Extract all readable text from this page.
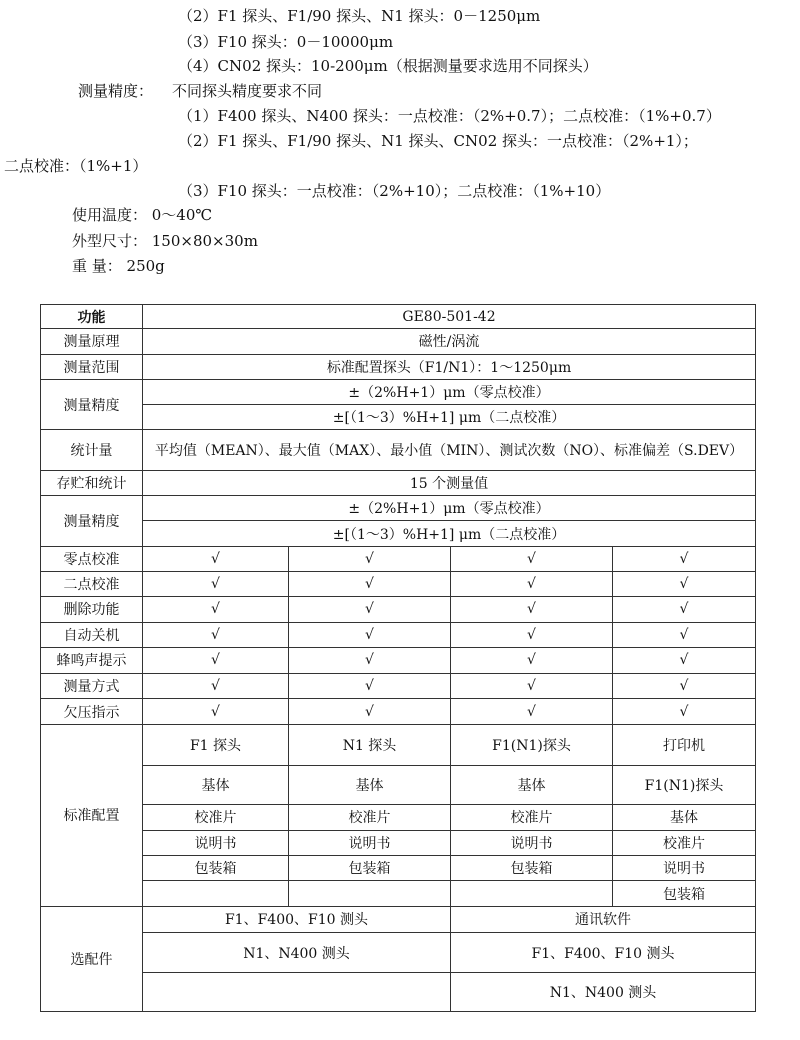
（2）F1 探头、F1/90 探头、N1 探头：0－1250μm
（3）F10 探头：0－10000μm
（4）CN02 探头：10-200μm（根据测量要求选用不同探头）
测量精度： 不同探头精度要求不同
（1）F400 探头、N400 探头：一点校准：（2%+0.7）；二点校准：（1%+0.7）
（2）F1 探头、F1/90 探头、N1 探头、CN02 探头：一点校准：（2%+1）；
二点校准：（1%+1）
（3）F10 探头：一点校准：（2%+10）；二点校准：（1%+10）
使用温度： 0～40℃
外型尺寸： 150×80×30m
重 量： 250g
功能	GE80-501-42			
测量原理	磁性/涡流			
测量范围	标准配置探头（F1/N1）：1～1250μm			
测量精度	±（2%H+1）μm（零点校准）			
	±[（1～3）%H+1] μm（二点校准）			
统计量	平均值（MEAN）、最大值（MAX）、最小值（MIN）、测试次数（NO）、标准偏差（S.DEV）			
存贮和统计	15 个测量值			
测量精度	±（2%H+1）μm（零点校准）			
	±[（1～3）%H+1] μm（二点校准）			
零点校准	√	√	√	√
二点校准	√	√	√	√
删除功能	√	√	√	√
自动关机	√	√	√	√
蜂鸣声提示	√	√	√	√
测量方式	√	√	√	√
欠压指示	√	√	√	√
标准配置	F1 探头	N1 探头	F1(N1)探头	打印机
	基体	基体	基体	F1(N1)探头
	校准片	校准片	校准片	基体
	说明书	说明书	说明书	校准片
	包装箱	包装箱	包装箱	说明书
				包装箱
选配件	F1、F400、F10 测头		通讯软件	
	N1、N400 测头		F1、F400、F10 测头	
			N1、N400 测头	
